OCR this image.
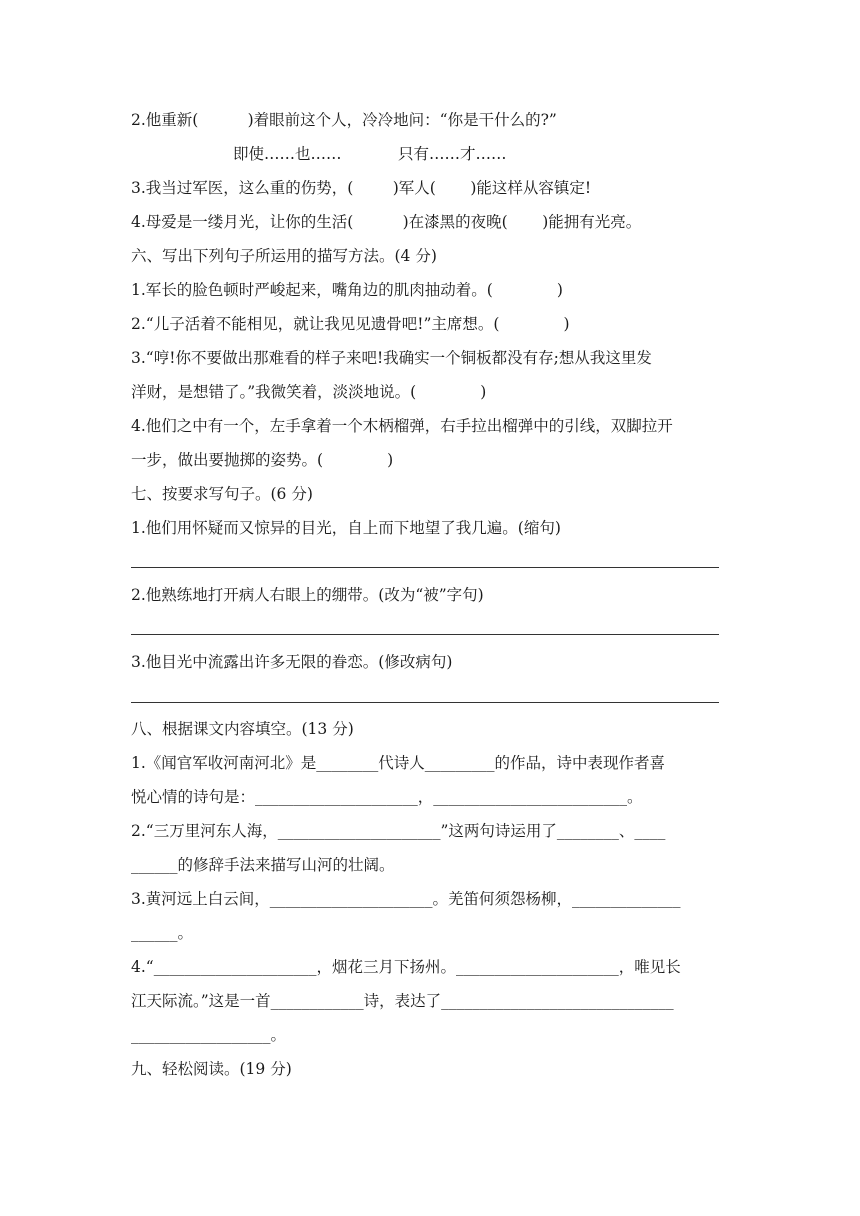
2.他重新(          )着眼前这个人，冷冷地问：“你是干什么的?”
即使……也……	只有……才……
3.我当过军医，这么重的伤势，(        )军人(       )能这样从容镇定!
4.母爱是一缕月光，让你的生活(          )在漆黑的夜晚(       )能拥有光亮。
六、写出下列句子所运用的描写方法。(4 分)
1.军长的脸色顿时严峻起来，嘴角边的肌肉抽动着。(             )
2.“儿子活着不能相见，就让我见见遗骨吧!”主席想。(             )
3.“哼!你不要做出那难看的样子来吧!我确实一个铜板都没有存;想从我这里发
洋财，是想错了。”我微笑着，淡淡地说。(             )
4.他们之中有一个，左手拿着一个木柄榴弹，右手拉出榴弹中的引线，双脚拉开
一步，做出要抛掷的姿势。(             )
七、按要求写句子。(6 分)
1.他们用怀疑而又惊异的目光，自上而下地望了我几遍。(缩句)
2.他熟练地打开病人右眼上的绷带。(改为“被”字句)
3.他目光中流露出许多无限的眷恋。(修改病句)
八、根据课文内容填空。(13 分)
1.《闻官军收河南河北》是________代诗人_________的作品，诗中表现作者喜
悦心情的诗句是：_____________________，_________________________。
2.“三万里河东人海，_____________________”这两句诗运用了________、____
______的修辞手法来描写山河的壮阔。
3.黄河远上白云间，_____________________。羌笛何须怨杨柳，______________
______。
4.“_____________________，烟花三月下扬州。_____________________，唯见长
江天际流。”这是一首____________诗，表达了______________________________
__________________。
九、轻松阅读。(19 分)
